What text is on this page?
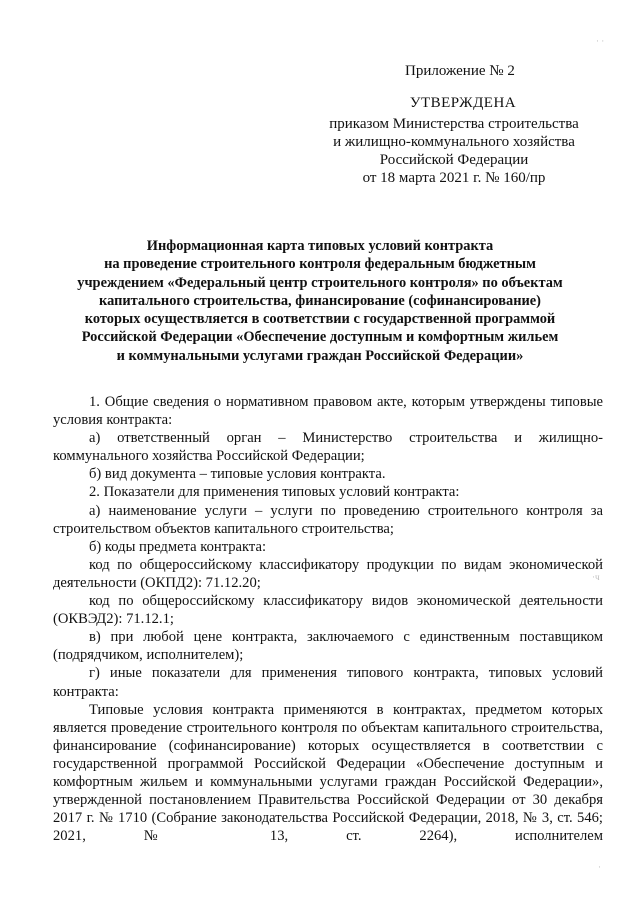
Приложение № 2
УТВЕРЖДЕНА
приказом Министерства строительства
и жилищно-коммунального хозяйства
Российской Федерации
от 18 марта 2021 г. № 160/пр
Информационная карта типовых условий контракта
на проведение строительного контроля федеральным бюджетным
учреждением «Федеральный центр строительного контроля» по объектам
капитального строительства, финансирование (софинансирование)
которых осуществляется в соответствии с государственной программой
Российской Федерации «Обеспечение доступным и комфортным жильем
и коммунальными услугами граждан Российской Федерации»

1. Общие сведения о нормативном правовом акте, которым утверждены типовые условия контракта:

а) ответственный орган – Министерство строительства и жилищно-коммунального хозяйства Российской Федерации;

б) вид документа – типовые условия контракта.

2. Показатели для применения типовых условий контракта:

а) наименование услуги – услуги по проведению строительного контроля за строительством объектов капитального строительства;

б) коды предмета контракта:

код по общероссийскому классификатору продукции по видам экономической деятельности (ОКПД2): 71.12.20;

код по общероссийскому классификатору видов экономической деятельности (ОКВЭД2): 71.12.1;

в) при любой цене контракта, заключаемого с единственным поставщиком (подрядчиком, исполнителем);

г) иные показатели для применения типового контракта, типовых условий контракта:

Типовые условия контракта применяются в контрактах, предметом которых является проведение строительного контроля по объектам капитального строительства, финансирование (софинансирование) которых осуществляется в соответствии с государственной программой Российской Федерации «Обеспечение доступным и комфортным жильем и коммунальными услугами граждан Российской Федерации», утвержденной постановлением Правительства Российской Федерации от 30 декабря 2017 г. № 1710 (Собрание законодательства Российской Федерации, 2018, № 3, ст. 546; 2021, № 13, ст. 2264), исполнителем

· ·
·ч
·
